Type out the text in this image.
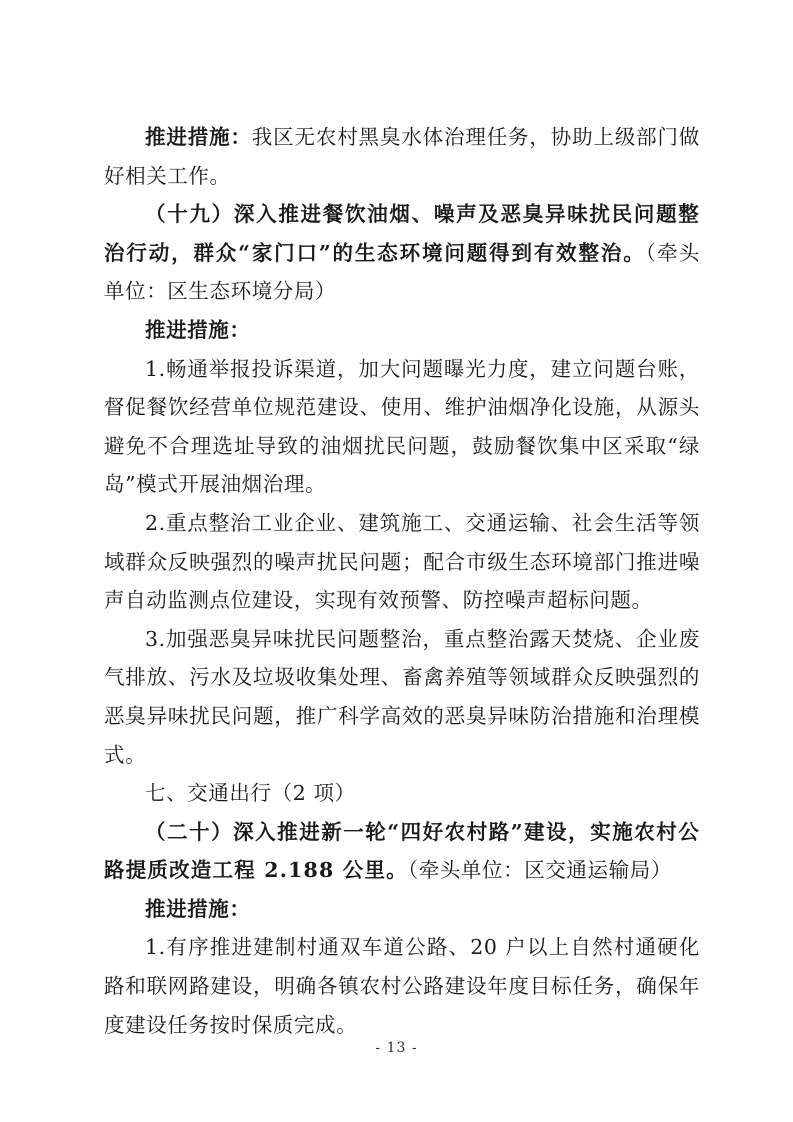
推进措施：我区无农村黑臭水体治理任务，协助上级部门做好相关工作。

（十九）深入推进餐饮油烟、噪声及恶臭异味扰民问题整治行动，群众“家门口”的生态环境问题得到有效整治。（牵头单位：区生态环境分局）

推进措施：

1.畅通举报投诉渠道，加大问题曝光力度，建立问题台账，督促餐饮经营单位规范建设、使用、维护油烟净化设施，从源头避免不合理选址导致的油烟扰民问题，鼓励餐饮集中区采取“绿岛”模式开展油烟治理。

2.重点整治工业企业、建筑施工、交通运输、社会生活等领域群众反映强烈的噪声扰民问题；配合市级生态环境部门推进噪声自动监测点位建设，实现有效预警、防控噪声超标问题。

3.加强恶臭异味扰民问题整治，重点整治露天焚烧、企业废气排放、污水及垃圾收集处理、畜禽养殖等领域群众反映强烈的恶臭异味扰民问题，推广科学高效的恶臭异味防治措施和治理模式。

七、交通出行（2 项）

（二十）深入推进新一轮“四好农村路”建设，实施农村公路提质改造工程 2.188 公里。（牵头单位：区交通运输局）

推进措施：

1.有序推进建制村通双车道公路、20 户以上自然村通硬化路和联网路建设，明确各镇农村公路建设年度目标任务，确保年度建设任务按时保质完成。

- 13 -
